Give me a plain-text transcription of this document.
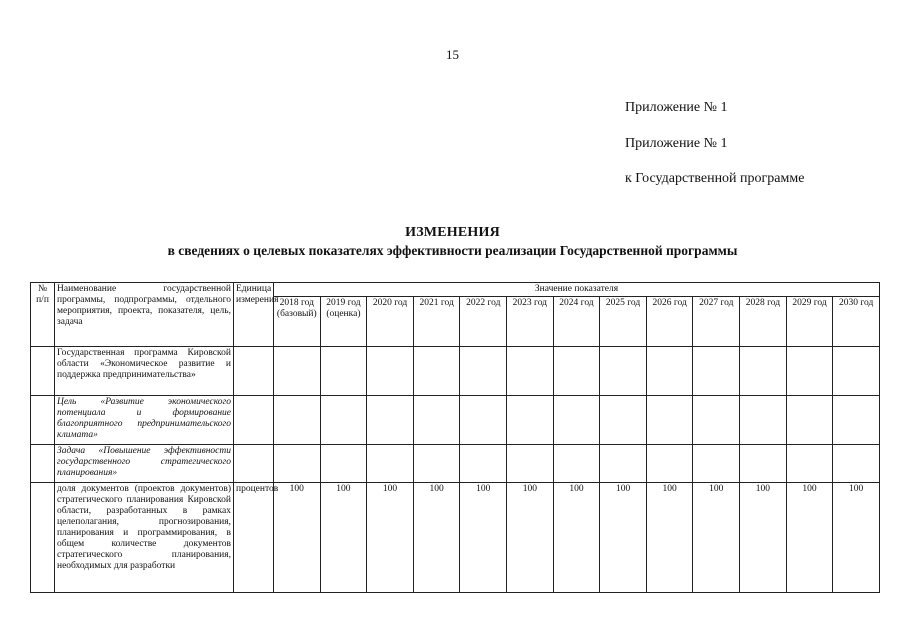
15
Приложение № 1
Приложение № 1
к Государственной программе
ИЗМЕНЕНИЯ
в сведениях о целевых показателях эффективности реализации Государственной программы
№ п/п	Наименование государственной программы, подпрограммы, отдельного мероприятия, проекта, показателя, цель, задача	Единица измерения	Значение показателя												
			2018 год (базовый)	2019 год (оценка)	2020 год	2021 год	2022 год	2023 год	2024 год	2025 год	2026 год	2027 год	2028 год	2029 год	2030 год
	Государственная программа Кировской области «Экономическое развитие и поддержка предпринимательства»														
	Цель «Развитие экономического потенциала и формирование благоприятного предпринимательского климата»														
	Задача «Повышение эффективности государственного стратегического планирования»														
	доля документов (проектов документов) стратегического планирования Кировской области, разработанных в рамках целеполагания, прогнозирования, планирования и программирования, в общем количестве документов стратегического планирования, необходимых для разработки	процентов	100	100	100	100	100	100	100	100	100	100	100	100	100
